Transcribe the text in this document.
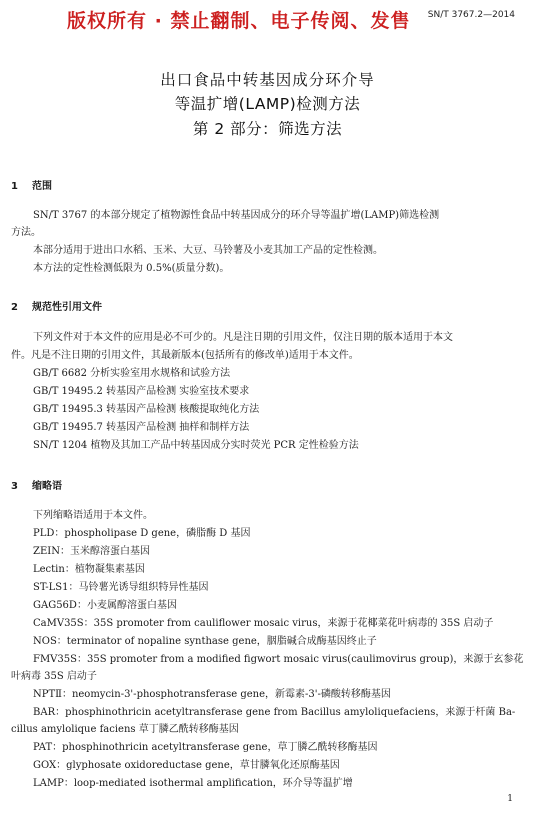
版权所有 · 禁止翻制、电子传阅、发售 SN/T 3767.2—2014
出口食品中转基因成分环介导
等温扩增(LAMP)检测方法
第 2 部分：筛选方法
1 范围
SN/T 3767 的本部分规定了植物源性食品中转基因成分的环介导等温扩增(LAMP)筛选检测
方法。
本部分适用于进出口水稻、玉米、大豆、马铃薯及小麦其加工产品的定性检测。
本方法的定性检测低限为 0.5%(质量分数)。
2 规范性引用文件
下列文件对于本文件的应用是必不可少的。凡是注日期的引用文件，仅注日期的版本适用于本文
件。凡是不注日期的引用文件，其最新版本(包括所有的修改单)适用于本文件。
GB/T 6682 分析实验室用水规格和试验方法
GB/T 19495.2 转基因产品检测 实验室技术要求
GB/T 19495.3 转基因产品检测 核酸提取纯化方法
GB/T 19495.7 转基因产品检测 抽样和制样方法
SN/T 1204 植物及其加工产品中转基因成分实时荧光 PCR 定性检验方法
3 缩略语
下列缩略语适用于本文件。
PLD：phospholipase D gene，磷脂酶 D 基因
ZEIN：玉米醇溶蛋白基因
Lectin：植物凝集素基因
ST-LS1：马铃薯光诱导组织特异性基因
GAG56D：小麦属醇溶蛋白基因
CaMV35S：35S promoter from cauliflower mosaic virus，来源于花椰菜花叶病毒的 35S 启动子
NOS：terminator of nopaline synthase gene，胭脂碱合成酶基因终止子
FMV35S：35S promoter from a modified figwort mosaic virus(caulimovirus group)，来源于玄参花
叶病毒 35S 启动子
NPTⅡ：neomycin-3'-phosphotransferase gene，新霉素-3'-磷酸转移酶基因
BAR：phosphinothricin acetyltransferase gene from Bacillus amyloliquefaciens，来源于杆菌 Ba-
cillus amylolique faciens 草丁膦乙酰转移酶基因
PAT：phosphinothricin acetyltransferase gene，草丁膦乙酰转移酶基因
GOX：glyphosate oxidoreductase gene，草甘膦氧化还原酶基因
LAMP：loop-mediated isothermal amplification，环介导等温扩增
1
